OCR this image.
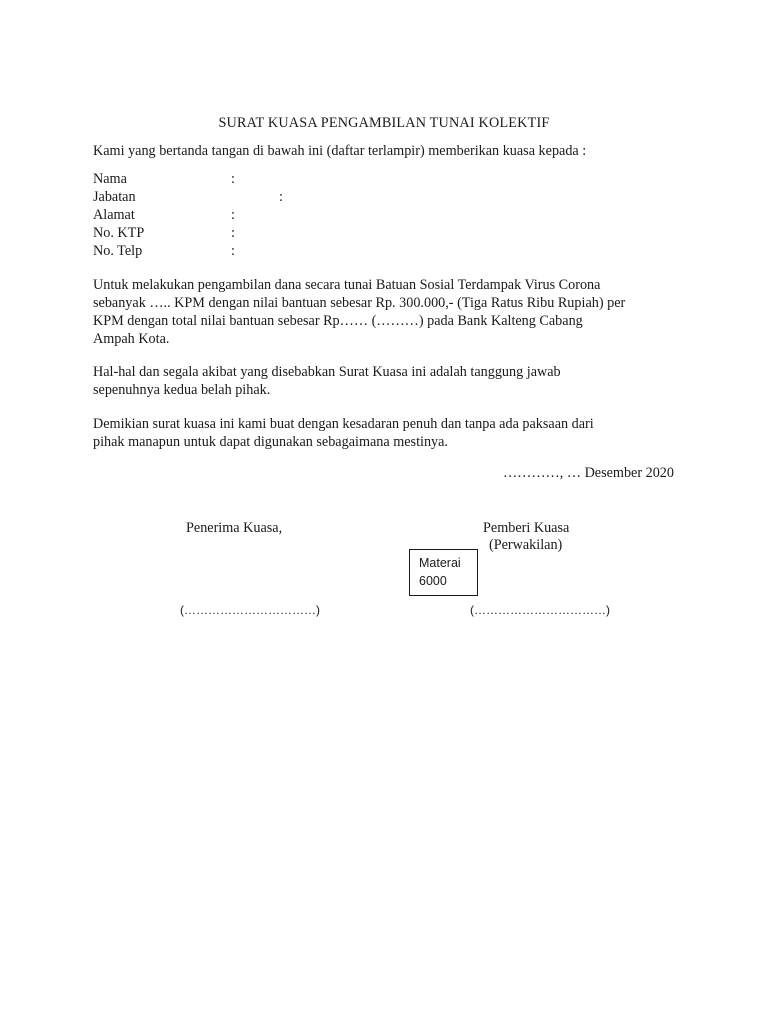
SURAT KUASA PENGAMBILAN TUNAI KOLEKTIF
Kami yang bertanda tangan di bawah ini (daftar terlampir) memberikan kuasa kepada :
Nama	:
Jabatan	:
Alamat	:
No. KTP	:
No. Telp	:
Untuk melakukan pengambilan dana secara tunai Batuan Sosial Terdampak Virus Corona
sebanyak ….. KPM dengan nilai bantuan sebesar Rp. 300.000,- (Tiga Ratus Ribu Rupiah) per
KPM dengan total nilai bantuan sebesar Rp…… (………) pada Bank Kalteng Cabang
Ampah Kota.
Hal-hal dan segala akibat yang disebabkan Surat Kuasa ini adalah tanggung jawab
sepenuhnya kedua belah pihak.
Demikian surat kuasa ini kami buat dengan kesadaran penuh dan tanpa ada paksaan dari
pihak manapun untuk dapat digunakan sebagaimana mestinya.
…………, … Desember 2020
Penerima Kuasa,	Pemberi Kuasa
(Perwakilan)
Materai
6000
(……………………………)	(……………………………)
